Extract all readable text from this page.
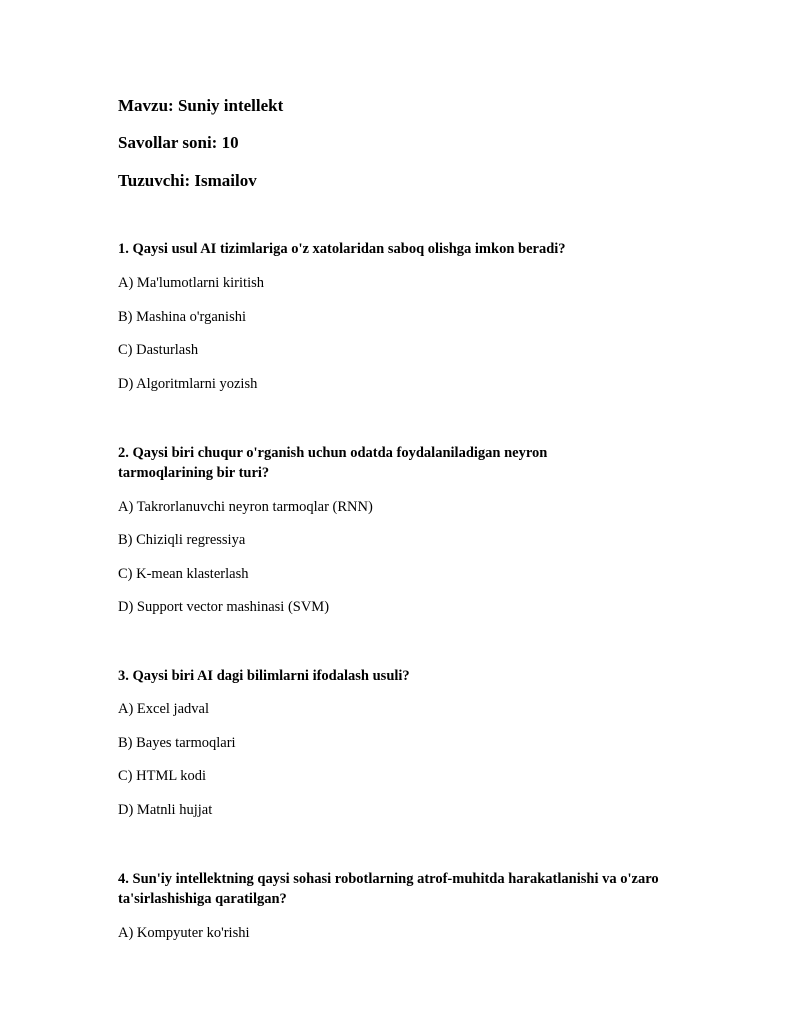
Mavzu: Suniy intellekt
Savollar soni: 10
Tuzuvchi: Ismailov
1. Qaysi usul AI tizimlariga o'z xatolaridan saboq olishga imkon beradi?
A) Ma'lumotlarni kiritish
B) Mashina o'rganishi
C) Dasturlash
D) Algoritmlarni yozish
2. Qaysi biri chuqur o'rganish uchun odatda foydalaniladigan neyron tarmoqlarining bir turi?
A) Takrorlanuvchi neyron tarmoqlar (RNN)
B) Chiziqli regressiya
C) K-mean klasterlash
D) Support vector mashinasi (SVM)
3. Qaysi biri AI dagi bilimlarni ifodalash usuli?
A) Excel jadval
B) Bayes tarmoqlari
C) HTML kodi
D) Matnli hujjat
4. Sun'iy intellektning qaysi sohasi robotlarning atrof-muhitda harakatlanishi va o'zaro ta'sirlashishiga qaratilgan?
A) Kompyuter ko'rishi
